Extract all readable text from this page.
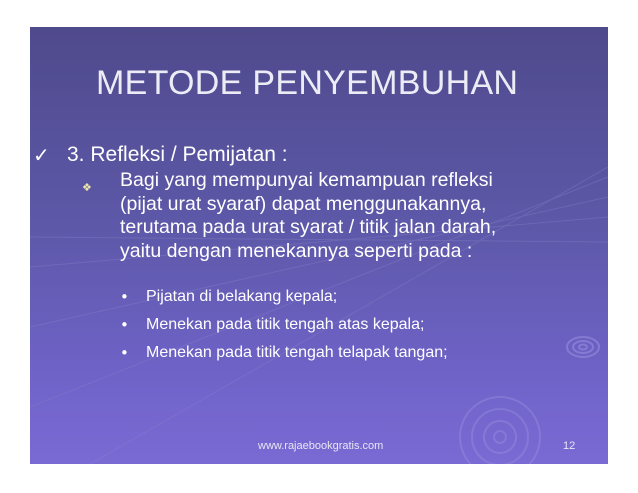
METODE PENYEMBUHAN
✓ 3. Refleksi / Pemijatan :
❖ Bagi yang mempunyai kemampuan refleksi
(pijat urat syaraf) dapat menggunakannya,
terutama pada urat syarat / titik jalan darah,
yaitu dengan menekannya seperti pada :
• Pijatan di belakang kepala;
• Menekan pada titik tengah atas kepala;
• Menekan pada titik tengah telapak tangan;
www.rajaebookgratis.com	12
